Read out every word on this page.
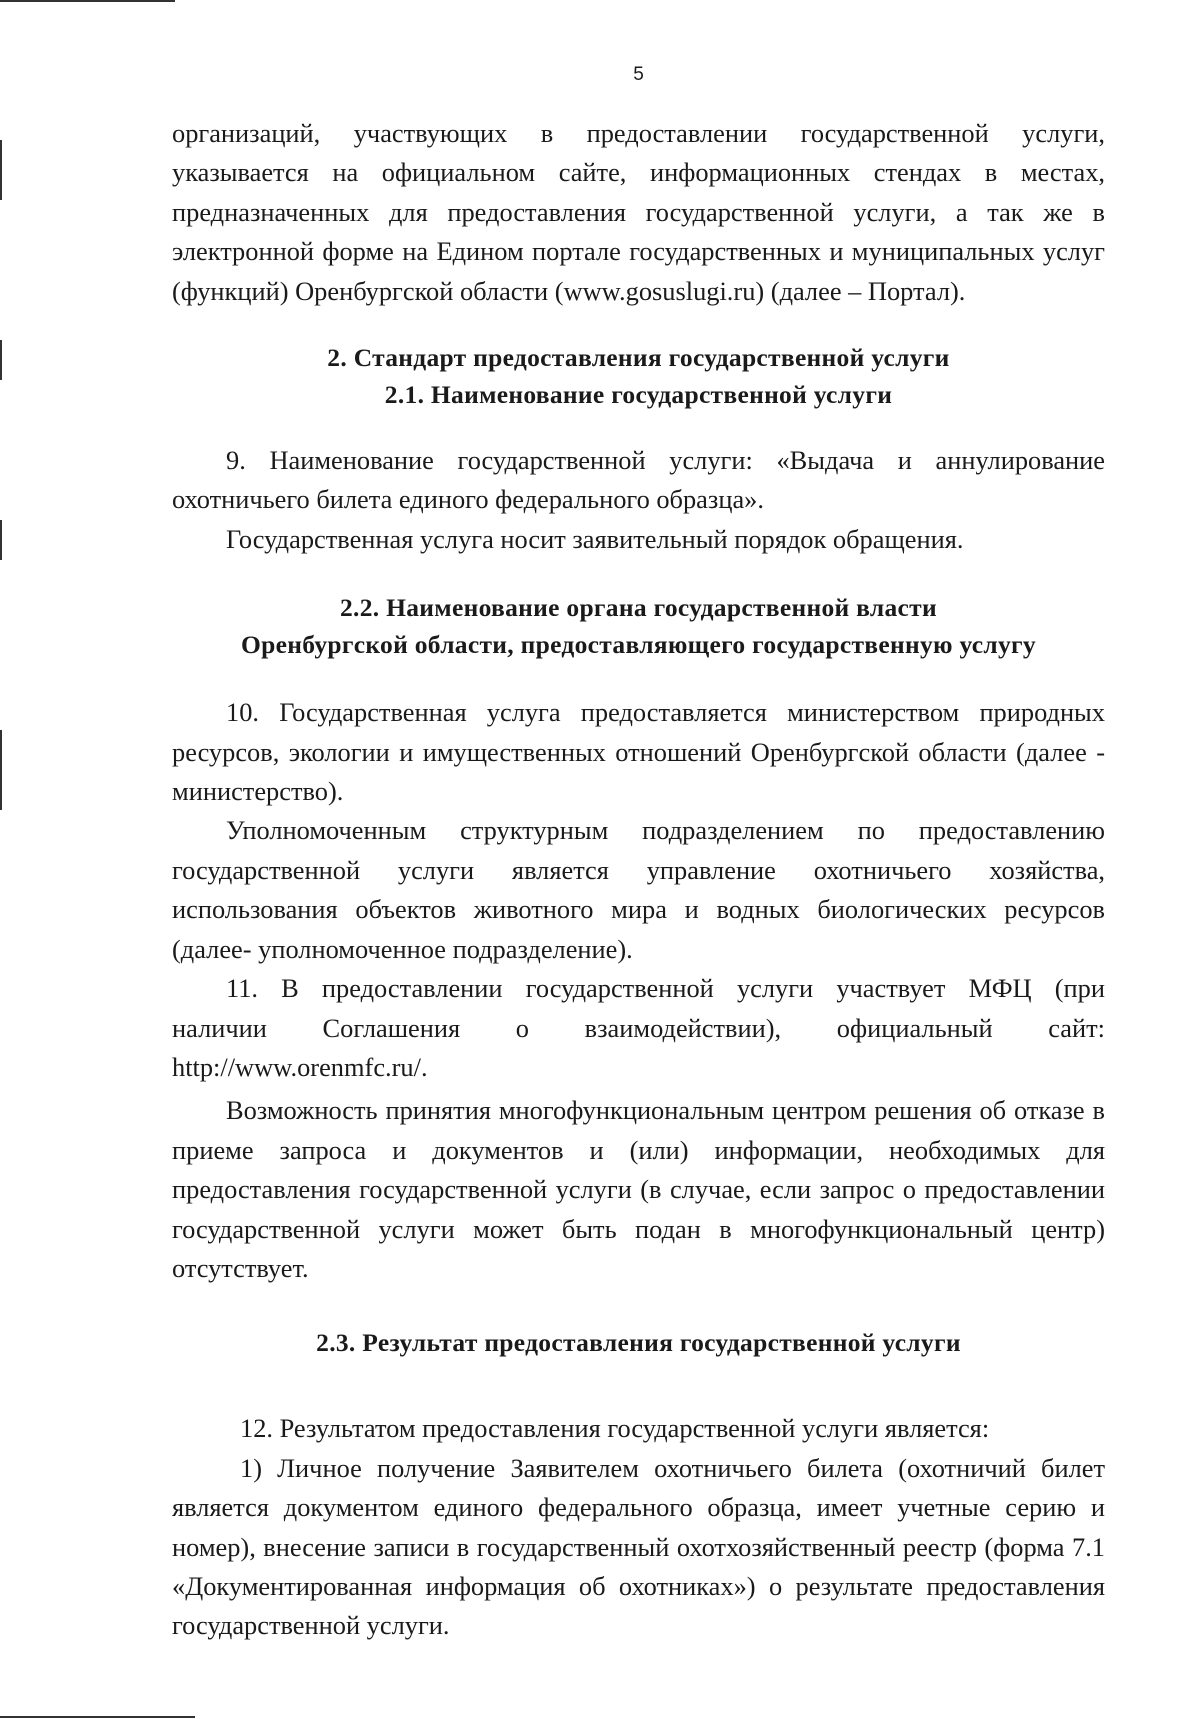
5

организаций, участвующих в предоставлении государственной услуги, указывается на официальном сайте, информационных стендах в местах, предназначенных для предоставления государственной услуги, а так же в электронной форме на Едином портале государственных и муниципальных услуг (функций) Оренбургской области (www.gosuslugi.ru) (далее – Портал).

2. Стандарт предоставления государственной услуги
2.1. Наименование государственной услуги

9. Наименование государственной услуги: «Выдача и аннулирование охотничьего билета единого федерального образца».

Государственная услуга носит заявительный порядок обращения.

2.2. Наименование органа государственной власти
Оренбургской области, предоставляющего государственную услугу

10. Государственная услуга предоставляется министерством природных ресурсов, экологии и имущественных отношений Оренбургской области (далее - министерство).

Уполномоченным структурным подразделением по предоставлению государственной услуги является управление охотничьего хозяйства, использования объектов животного мира и водных биологических ресурсов (далее- уполномоченное подразделение).

11. В предоставлении государственной услуги участвует МФЦ (при

наличии Соглашения о взаимодействии), официальный сайт:

http://www.orenmfc.ru/.

Возможность принятия многофункциональным центром решения об отказе в приеме запроса и документов и (или) информации, необходимых для предоставления государственной услуги (в случае, если запрос о предоставлении государственной услуги может быть подан в многофункциональный центр) отсутствует.

2.3. Результат предоставления государственной услуги

12. Результатом предоставления государственной услуги является:

1) Личное получение Заявителем охотничьего билета (охотничий билет является документом единого федерального образца, имеет учетные серию и номер), внесение записи в государственный охотхозяйственный реестр (форма 7.1 «Документированная информация об охотниках») о результате предоставления государственной услуги.
